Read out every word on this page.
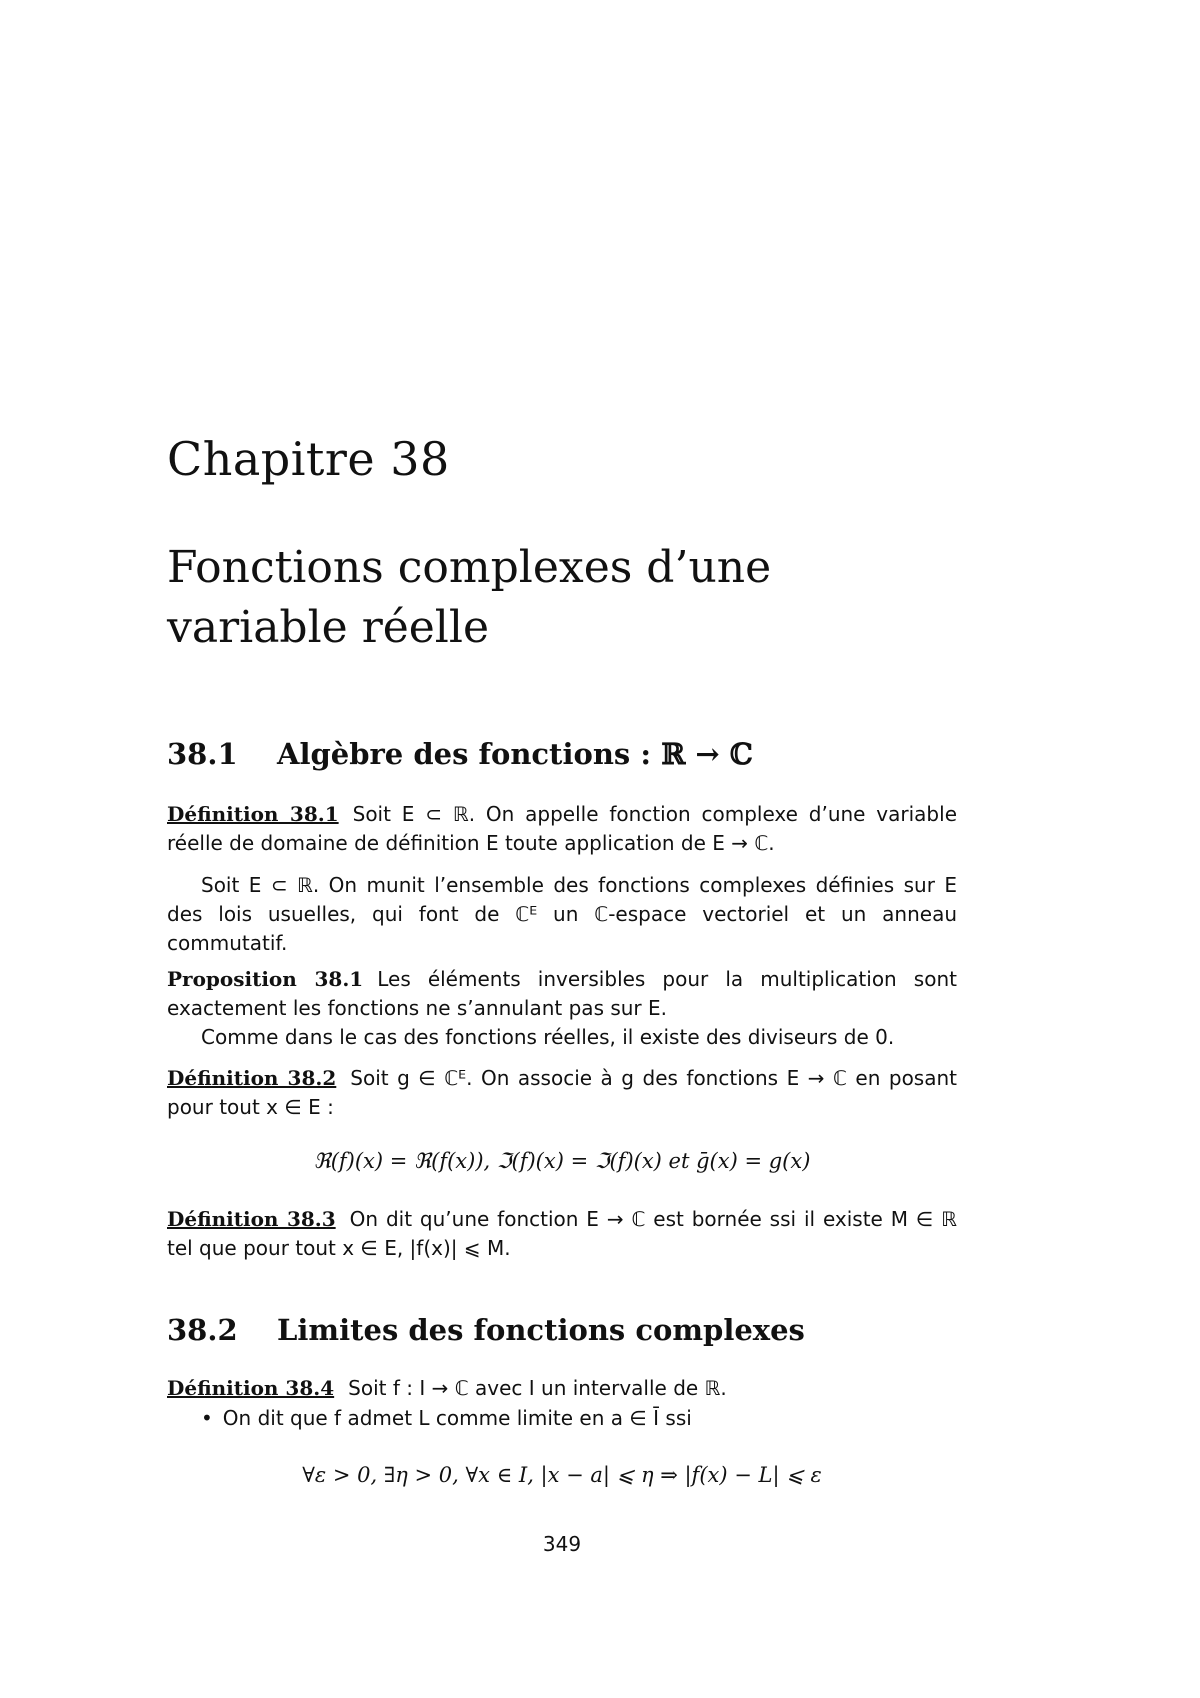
Chapitre 38
Fonctions complexes d’une variable réelle
38.1 Algèbre des fonctions : ℝ → ℂ

Définition 38.1 Soit E ⊂ ℝ. On appelle fonction complexe d’une variable réelle de domaine de définition E toute application de E → ℂ.

Soit E ⊂ ℝ. On munit l’ensemble des fonctions complexes définies sur E des lois usuelles, qui font de ℂᴱ un ℂ-espace vectoriel et un anneau commutatif.

Proposition 38.1 Les éléments inversibles pour la multiplication sont exactement les fonctions ne s’annulant pas sur E.

Comme dans le cas des fonctions réelles, il existe des diviseurs de 0.

Définition 38.2 Soit g ∈ ℂᴱ. On associe à g des fonctions E → ℂ en posant pour tout x ∈ E :

ℜ(f)(x) = ℜ(f(x)), ℑ(f)(x) = ℑ(f)(x) et ḡ(x) = g(x)

Définition 38.3 On dit qu’une fonction E → ℂ est bornée ssi il existe M ∈ ℝ tel que pour tout x ∈ E, |f(x)| ⩽ M.

38.2 Limites des fonctions complexes

Définition 38.4 Soit f : I → ℂ avec I un intervalle de ℝ.

• On dit que f admet L comme limite en a ∈ Ī ssi
∀ε > 0, ∃η > 0, ∀x ∈ I, |x − a| ⩽ η ⇒ |f(x) − L| ⩽ ε
349
